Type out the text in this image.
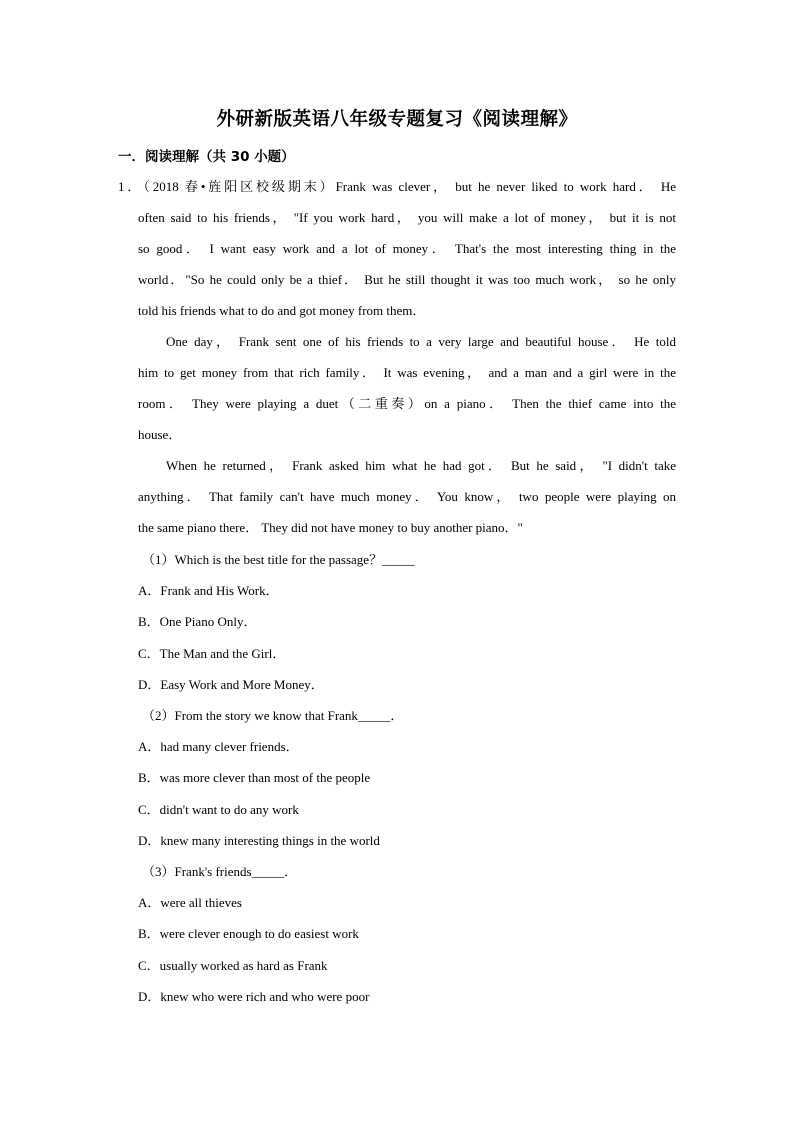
外研新版英语八年级专题复习《阅读理解》
一．阅读理解（共 30 小题）
1．（2018 春•旌阳区校级期末）Frank was clever， but he never liked to work hard． He
often said to his friends， "If you work hard， you will make a lot of money， but it is not
so good． I want easy work and a lot of money． That's the most interesting thing in the
world．"So he could only be a thief． But he still thought it was too much work， so he only
told his friends what to do and got money from them．
One day， Frank sent one of his friends to a very large and beautiful house． He told
him to get money from that rich family． It was evening， and a man and a girl were in the
room． They were playing a duet（二重奏）on a piano． Then the thief came into the
house．
When he returned， Frank asked him what he had got． But he said， "I didn't take
anything． That family can't have much money． You know， two people were playing on
the same piano there． They did not have money to buy another piano．"
（1）Which is the best title for the passage？_____
A．Frank and His Work．
B．One Piano Only．
C．The Man and the Girl．
D．Easy Work and More Money．
（2）From the story we know that Frank_____．
A．had many clever friends．
B．was more clever than most of the people
C．didn't want to do any work
D．knew many interesting things in the world
（3）Frank's friends_____．
A．were all thieves
B．were clever enough to do easiest work
C．usually worked as hard as Frank
D．knew who were rich and who were poor
